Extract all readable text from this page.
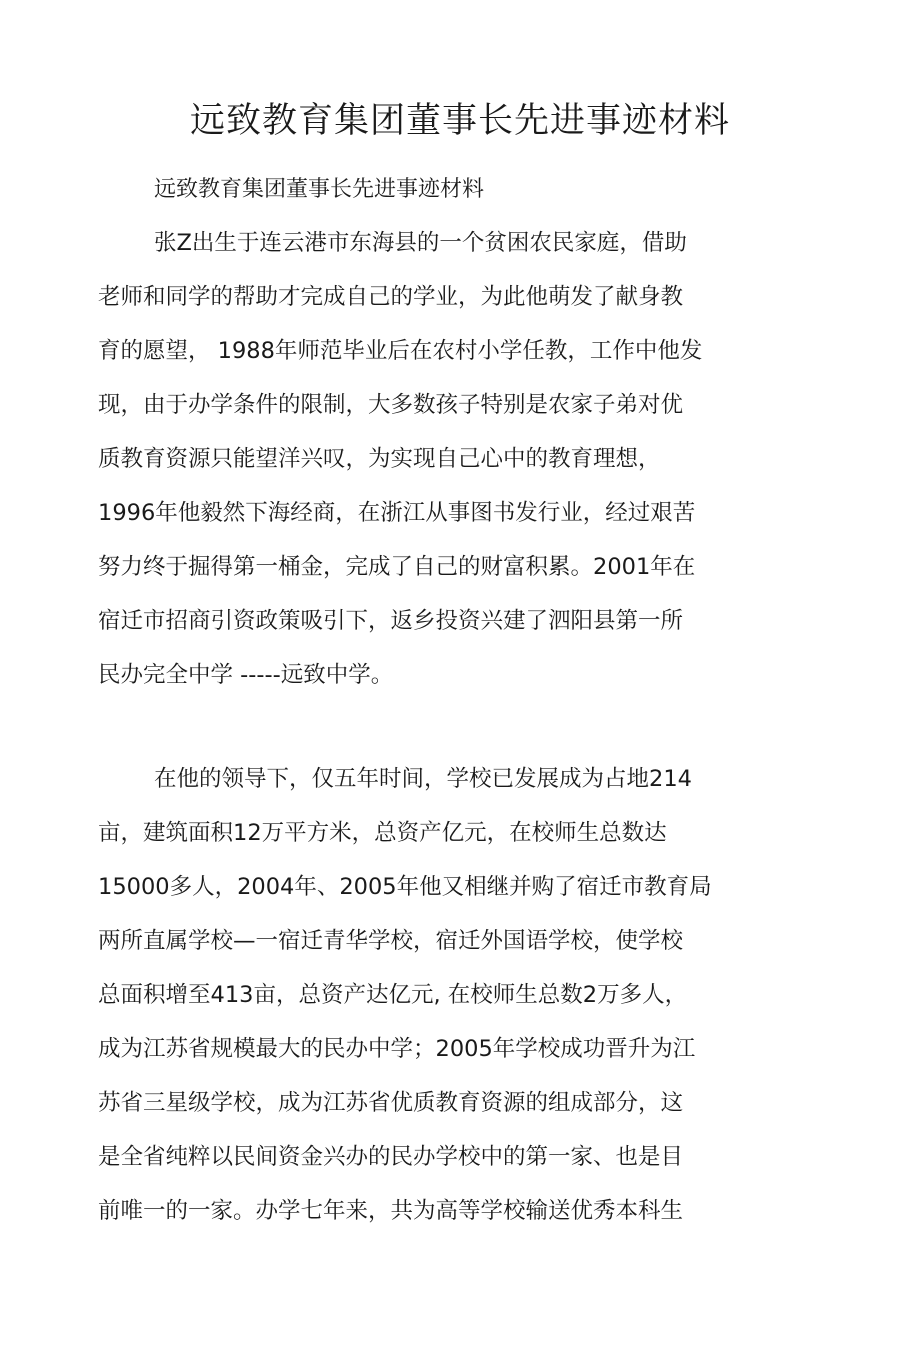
远致教育集团董事长先进事迹材料

远致教育集团董事长先进事迹材料

张Z出生于连云港市东海县的一个贫困农民家庭，借助
老师和同学的帮助才完成自己的学业，为此他萌发了献身教
育的愿望， 1988年师范毕业后在农村小学任教，工作中他发
现，由于办学条件的限制，大多数孩子特别是农家子弟对优
质教育资源只能望洋兴叹，为实现自己心中的教育理想，
1996年他毅然下海经商，在浙江从事图书发行业，经过艰苦
努力终于掘得第一桶金，完成了自己的财富积累。2001年在
宿迁市招商引资政策吸引下，返乡投资兴建了泗阳县第一所
民办完全中学 -----远致中学。
在他的领导下，仅五年时间，学校已发展成为占地214
亩，建筑面积12万平方米，总资产亿元，在校师生总数达
15000多人，2004年、2005年他又相继并购了宿迁市教育局
两所直属学校—一宿迁青华学校，宿迁外国语学校，使学校
总面积增至413亩，总资产达亿元, 在校师生总数2万多人，
成为江苏省规模最大的民办中学；2005年学校成功晋升为江
苏省三星级学校，成为江苏省优质教育资源的组成部分，这
是全省纯粹以民间资金兴办的民办学校中的第一家、也是目
前唯一的一家。办学七年来，共为高等学校输送优秀本科生
